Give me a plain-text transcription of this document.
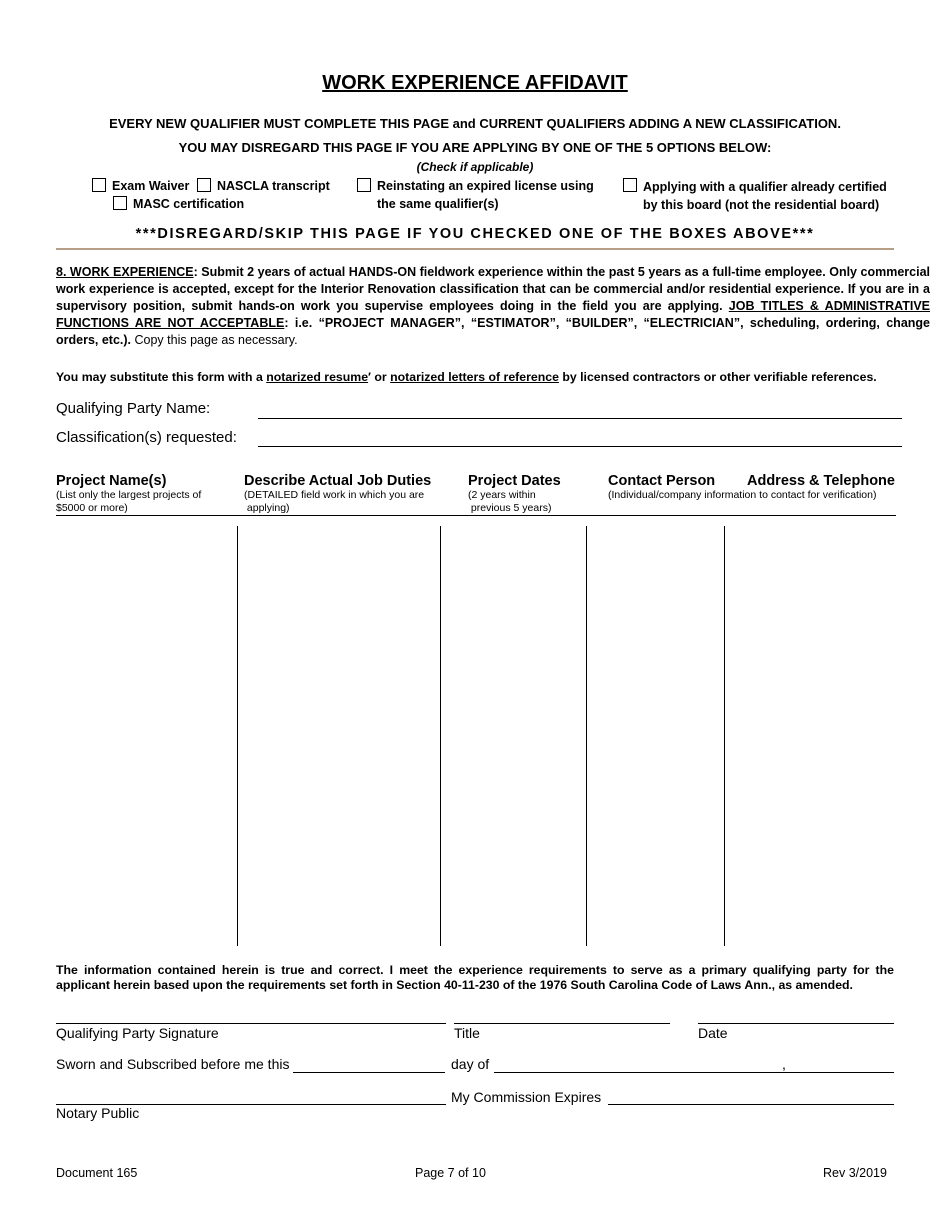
WORK EXPERIENCE AFFIDAVIT
EVERY NEW QUALIFIER MUST COMPLETE THIS PAGE and CURRENT QUALIFIERS ADDING A NEW CLASSIFICATION.
YOU MAY DISREGARD THIS PAGE IF YOU ARE APPLYING BY ONE OF THE 5 OPTIONS BELOW:
(Check if applicable)
Exam Waiver NASCLA transcript
MASC certification
Reinstating an expired license using
the same qualifier(s)
Applying with a qualifier already certified
by this board (not the residential board)
***DISREGARD/SKIP THIS PAGE IF YOU CHECKED ONE OF THE BOXES ABOVE***
8. WORK EXPERIENCE: Submit 2 years of actual HANDS-ON fieldwork experience within the past 5 years as a full-time employee. Only commercial work experience is accepted, except for the Interior Renovation classification that can be commercial and/or residential experience. If you are in a supervisory position, submit hands-on work you supervise employees doing in the field you are applying. JOB TITLES & ADMINISTRATIVE FUNCTIONS ARE NOT ACCEPTABLE: i.e. “PROJECT MANAGER”, “ESTIMATOR”, “BUILDER”, “ELECTRICIAN”, scheduling, ordering, change orders, etc.). Copy this page as necessary.
You may substitute this form with a notarized resume′ or notarized letters of reference by licensed contractors or other verifiable references.
Qualifying Party Name:
Classification(s) requested:
Project Name(s)
(List only the largest projects of
$5000 or more)
Describe Actual Job Duties
(DETAILED field work in which you are
applying)
Project Dates
(2 years within
previous 5 years)
Contact Person Address & Telephone
(Individual/company information to contact for verification)
The information contained herein is true and correct. I meet the experience requirements to serve as a primary qualifying party for the applicant herein based upon the requirements set forth in Section 40-11-230 of the 1976 South Carolina Code of Laws Ann., as amended.
Qualifying Party Signature	Title	Date
Sworn and Subscribed before me this	day of	,
My Commission Expires
Notary Public
Document 165	Page 7 of 10	Rev 3/2019
